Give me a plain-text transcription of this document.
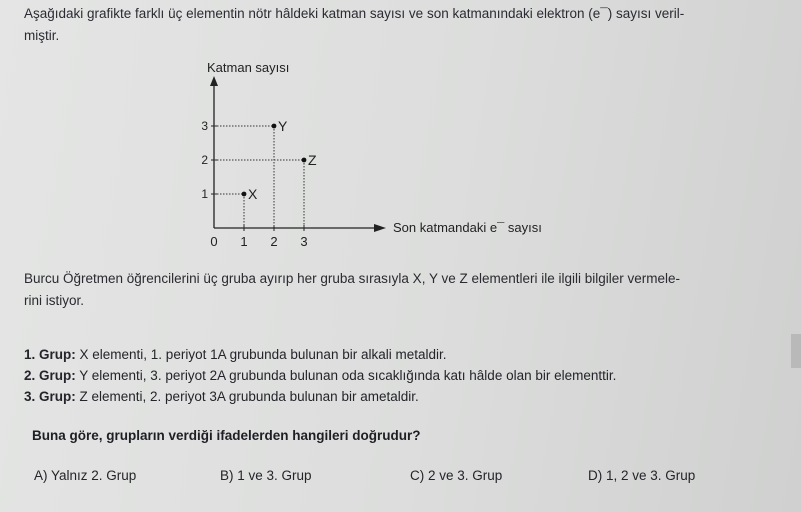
Aşağıdaki grafikte farklı üç elementin nötr hâldeki katman sayısı ve son katmanındaki elektron (e¯) sayısı veril-
miştir.
Katman sayısı
Son katmandaki e¯ sayısı
0 1 2 3
1
2
3
X
Y
Z
Burcu Öğretmen öğrencilerini üç gruba ayırıp her gruba sırasıyla X, Y ve Z elementleri ile ilgili bilgiler vermele-
rini istiyor.
1. Grup: X elementi, 1. periyot 1A grubunda bulunan bir alkali metaldir.
2. Grup: Y elementi, 3. periyot 2A grubunda bulunan oda sıcaklığında katı hâlde olan bir elementtir.
3. Grup: Z elementi, 2. periyot 3A grubunda bulunan bir ametaldir.
Buna göre, grupların verdiği ifadelerden hangileri doğrudur?
A) Yalnız 2. Grup	B) 1 ve 3. Grup	C) 2 ve 3. Grup	D) 1, 2 ve 3. Grup
